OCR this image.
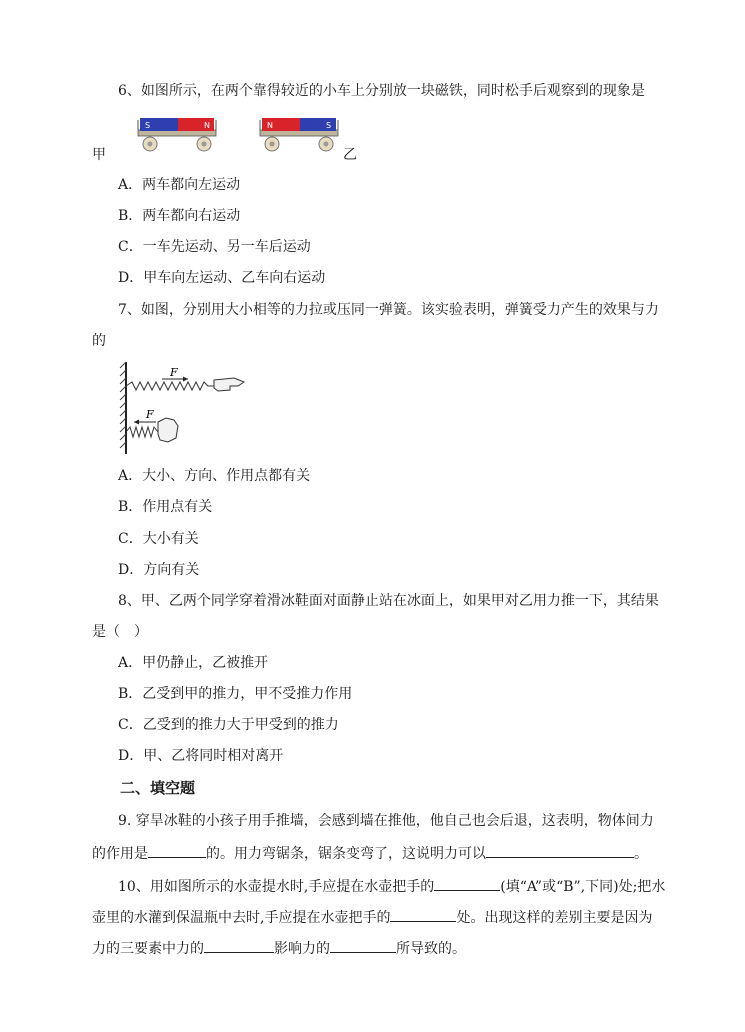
6、如图所示，在两个靠得较近的小车上分别放一块磁铁，同时松手后观察到的现象是
S	N	N	S
甲	乙
A．两车都向左运动
B．两车都向右运动
C．一车先运动、另一车后运动
D．甲车向左运动、乙车向右运动
7、如图，分别用大小相等的力拉或压同一弹簧。该实验表明，弹簧受力产生的效果与力
的
F
F
A．大小、方向、作用点都有关
B．作用点有关
C．大小有关
D．方向有关
8、甲、乙两个同学穿着滑冰鞋面对面静止站在冰面上，如果甲对乙用力推一下，其结果
是（　）
A．甲仍静止，乙被推开
B．乙受到甲的推力，甲不受推力作用
C．乙受到的推力大于甲受到的推力
D．甲、乙将同时相对离开
二、填空题
9. 穿旱冰鞋的小孩子用手推墙，会感到墙在推他，他自己也会后退，这表明，物体间力
的作用是	的。用力弯锯条，锯条变弯了，这说明力可以	。
10、用如图所示的水壶提水时,手应提在水壶把手的	(填“A”或“B”,下同)处;把水
壶里的水灌到保温瓶中去时,手应提在水壶把手的	处。出现这样的差别主要是因为
力的三要素中力的	影响力的	所导致的。
